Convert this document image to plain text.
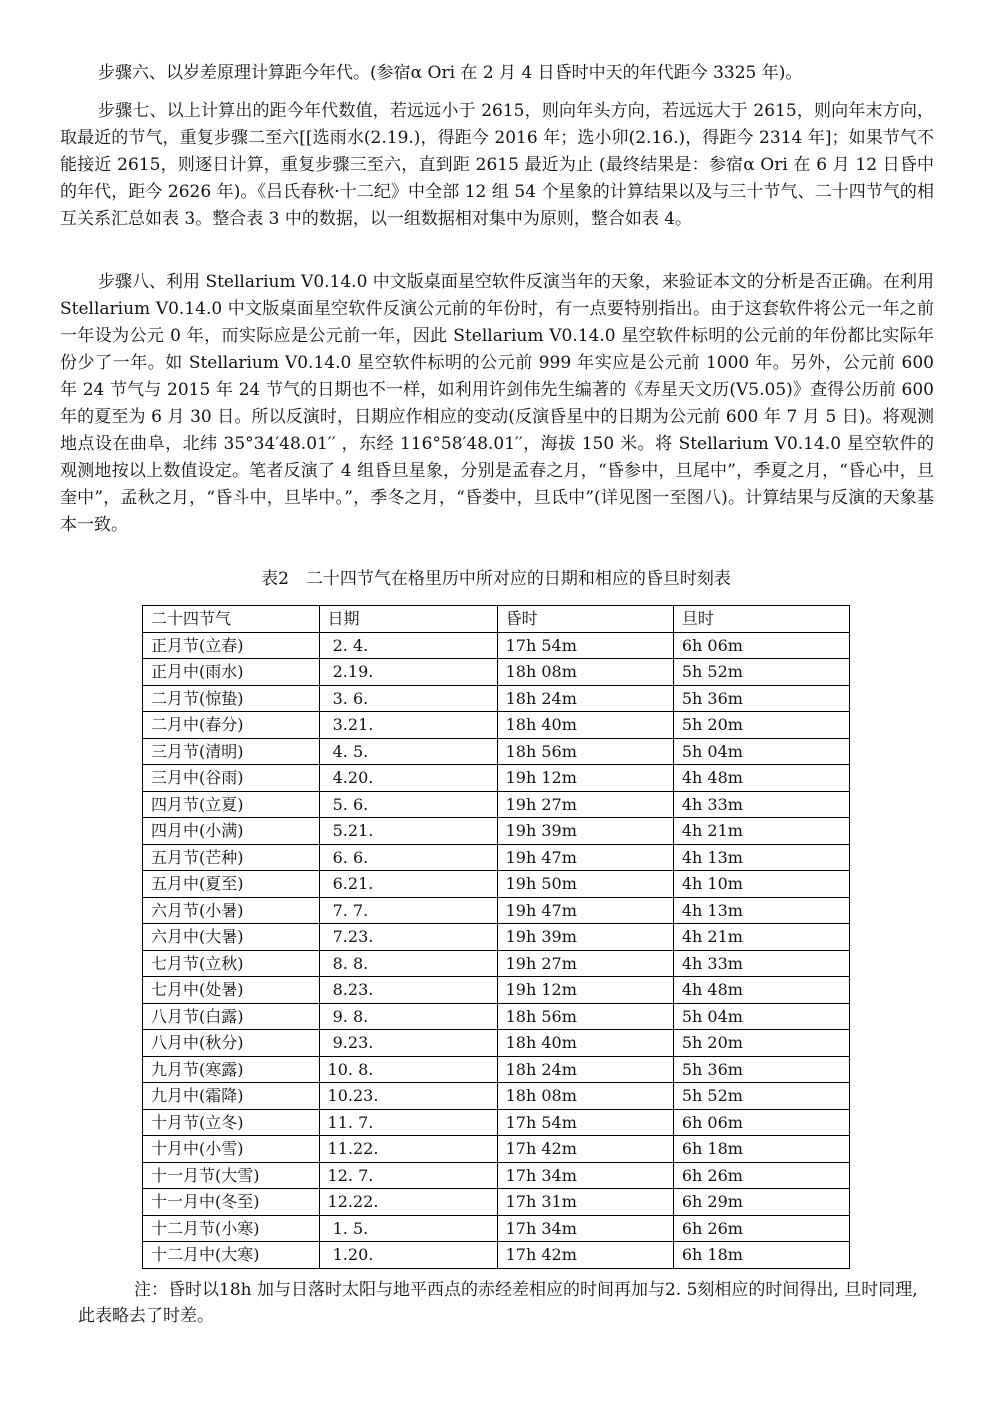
步骤六、以岁差原理计算距今年代。(参宿α Ori 在 2 月 4 日昏时中天的年代距今 3325 年)。

步骤七、以上计算出的距今年代数值，若远远小于 2615，则向年头方向，若远远大于 2615，则向年末方向，取最近的节气，重复步骤二至六[[选雨水(2.19.)，得距今 2016 年；选小卯(2.16.)，得距今 2314 年]；如果节气不能接近 2615，则逐日计算，重复步骤三至六，直到距 2615 最近为止 (最终结果是：参宿α Ori 在 6 月 12 日昏中的年代，距今 2626 年)。《吕氏春秋·十二纪》中全部 12 组 54 个星象的计算结果以及与三十节气、二十四节气的相互关系汇总如表 3。整合表 3 中的数据，以一组数据相对集中为原则，整合如表 4。

步骤八、利用 Stellarium V0.14.0 中文版桌面星空软件反演当年的天象，来验证本文的分析是否正确。在利用 Stellarium V0.14.0 中文版桌面星空软件反演公元前的年份时，有一点要特别指出。由于这套软件将公元一年之前一年设为公元 0 年，而实际应是公元前一年，因此 Stellarium V0.14.0 星空软件标明的公元前的年份都比实际年份少了一年。如 Stellarium V0.14.0 星空软件标明的公元前 999 年实应是公元前 1000 年。另外，公元前 600 年 24 节气与 2015 年 24 节气的日期也不一样，如利用许剑伟先生编著的《寿星天文历(V5.05)》查得公历前 600 年的夏至为 6 月 30 日。所以反演时，日期应作相应的变动(反演昏星中的日期为公元前 600 年 7 月 5 日)。将观测地点设在曲阜，北纬 35°34′48.01′′ ，东经 116°58′48.01′′，海拔 150 米。将 Stellarium V0.14.0 星空软件的观测地按以上数值设定。笔者反演了 4 组昏旦星象，分别是孟春之月，“昏参中，旦尾中”，季夏之月，“昏心中，旦奎中”，孟秋之月，“昏斗中，旦毕中。”，季冬之月，“昏娄中，旦氐中”(详见图一至图八)。计算结果与反演的天象基本一致。

表2　二十四节气在格里历中所对应的日期和相应的昏旦时刻表
二十四节气	日期	昏时	旦时
正月节(立春)	2. 4.	17h 54m	6h 06m
正月中(雨水)	2.19.	18h 08m	5h 52m
二月节(惊蛰)	3. 6.	18h 24m	5h 36m
二月中(春分)	3.21.	18h 40m	5h 20m
三月节(清明)	4. 5.	18h 56m	5h 04m
三月中(谷雨)	4.20.	19h 12m	4h 48m
四月节(立夏)	5. 6.	19h 27m	4h 33m
四月中(小满)	5.21.	19h 39m	4h 21m
五月节(芒种)	6. 6.	19h 47m	4h 13m
五月中(夏至)	6.21.	19h 50m	4h 10m
六月节(小暑)	7. 7.	19h 47m	4h 13m
六月中(大暑)	7.23.	19h 39m	4h 21m
七月节(立秋)	8. 8.	19h 27m	4h 33m
七月中(处暑)	8.23.	19h 12m	4h 48m
八月节(白露)	9. 8.	18h 56m	5h 04m
八月中(秋分)	9.23.	18h 40m	5h 20m
九月节(寒露)	10. 8.	18h 24m	5h 36m
九月中(霜降)	10.23.	18h 08m	5h 52m
十月节(立冬)	11. 7.	17h 54m	6h 06m
十月中(小雪)	11.22.	17h 42m	6h 18m
十一月节(大雪)	12. 7.	17h 34m	6h 26m
十一月中(冬至)	12.22.	17h 31m	6h 29m
十二月节(小寒)	1. 5.	17h 34m	6h 26m
十二月中(大寒)	1.20.	17h 42m	6h 18m

注：昏时以18h 加与日落时太阳与地平西点的赤经差相应的时间再加与2. 5刻相应的时间得出, 旦时同理,此表略去了时差。
